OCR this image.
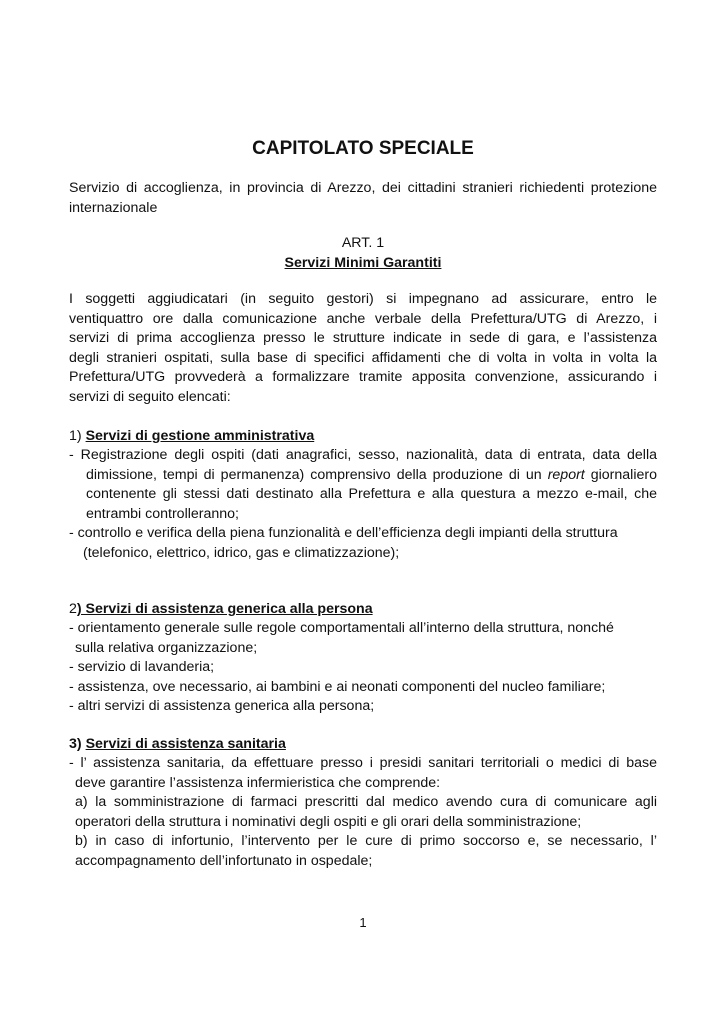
CAPITOLATO SPECIALE
Servizio di accoglienza, in provincia di Arezzo, dei cittadini stranieri richiedenti protezione internazionale
ART. 1
Servizi Minimi Garantiti
I soggetti aggiudicatari (in seguito gestori) si impegnano ad assicurare, entro le
ventiquattro ore dalla comunicazione anche verbale della Prefettura/UTG di Arezzo, i
servizi di prima accoglienza presso le strutture indicate in sede di gara, e l’assistenza
degli stranieri ospitati, sulla base di specifici affidamenti che di volta in volta in volta la
Prefettura/UTG provvederà a formalizzare tramite apposita convenzione, assicurando i
servizi di seguito elencati:
1) Servizi di gestione amministrativa
- Registrazione degli ospiti (dati anagrafici, sesso, nazionalità, data di entrata, data della
dimissione, tempi di permanenza) comprensivo della produzione di un report giornaliero
contenente gli stessi dati destinato alla Prefettura e alla questura a mezzo e-mail, che
entrambi controlleranno;
- controllo e verifica della piena funzionalità e dell’efficienza degli impianti della struttura
(telefonico, elettrico, idrico, gas e climatizzazione);
2) Servizi di assistenza generica alla persona
- orientamento generale sulle regole comportamentali all’interno della struttura, nonché
sulla relativa organizzazione;
- servizio di lavanderia;
- assistenza, ove necessario, ai bambini e ai neonati componenti del nucleo familiare;
- altri servizi di assistenza generica alla persona;
3) Servizi di assistenza sanitaria
- l’ assistenza sanitaria, da effettuare presso i presidi sanitari territoriali o medici di base
deve garantire l’assistenza infermieristica che comprende:
a) la somministrazione di farmaci prescritti dal medico avendo cura di comunicare agli
operatori della struttura i nominativi degli ospiti e gli orari della somministrazione;
b) in caso di infortunio, l’intervento per le cure di primo soccorso e, se necessario, l’
accompagnamento dell’infortunato in ospedale;
1
